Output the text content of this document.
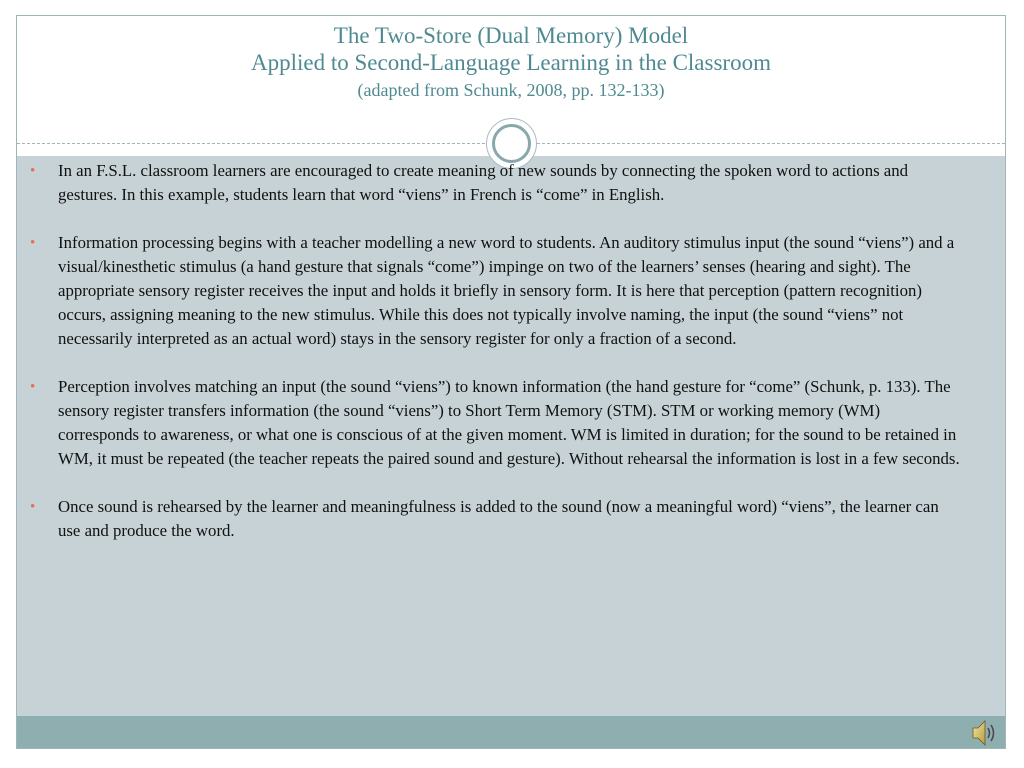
The Two-Store (Dual Memory) Model
Applied to Second-Language Learning in the Classroom
(adapted from Schunk, 2008, pp. 132-133)
• In an F.S.L. classroom learners are encouraged to create meaning of new sounds by connecting the spoken word to actions and gestures. In this example, students learn that word “viens” in French is “come” in English.
• Information processing begins with a teacher modelling a new word to students. An auditory stimulus input (the sound “viens”) and a visual/kinesthetic stimulus (a hand gesture that signals “come”) impinge on two of the learners’ senses (hearing and sight). The appropriate sensory register receives the input and holds it briefly in sensory form. It is here that perception (pattern recognition) occurs, assigning meaning to the new stimulus. While this does not typically involve naming, the input (the sound “viens” not necessarily interpreted as an actual word) stays in the sensory register for only a fraction of a second.
• Perception involves matching an input (the sound “viens”) to known information (the hand gesture for “come” (Schunk, p. 133). The sensory register transfers information (the sound “viens”) to Short Term Memory (STM). STM or working memory (WM) corresponds to awareness, or what one is conscious of at the given moment. WM is limited in duration; for the sound to be retained in WM, it must be repeated (the teacher repeats the paired sound and gesture). Without rehearsal the information is lost in a few seconds.
• Once sound is rehearsed by the learner and meaningfulness is added to the sound (now a meaningful word) “viens”, the learner can use and produce the word.
